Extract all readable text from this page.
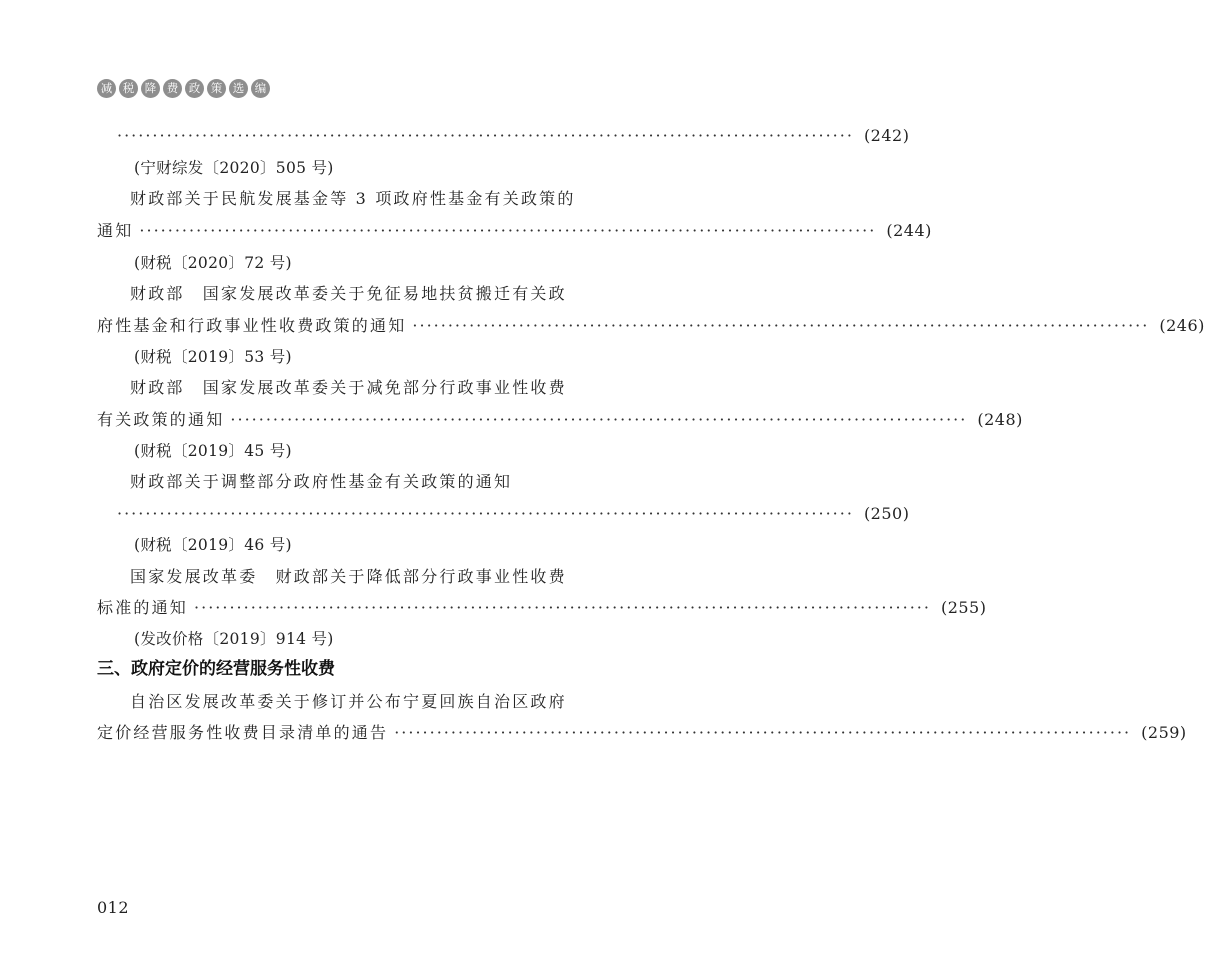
减 税 降 费 政 策 选 编
········································································································ (242)
(宁财综发〔2020〕505 号)
财政部关于民航发展基金等 3 项政府性基金有关政策的
通知 ········································································································ (244)
(财税〔2020〕72 号)
财政部　国家发展改革委关于免征易地扶贫搬迁有关政
府性基金和行政事业性收费政策的通知 ········································································································ (246)
(财税〔2019〕53 号)
财政部　国家发展改革委关于减免部分行政事业性收费
有关政策的通知 ········································································································ (248)
(财税〔2019〕45 号)
财政部关于调整部分政府性基金有关政策的通知
········································································································ (250)
(财税〔2019〕46 号)
国家发展改革委　财政部关于降低部分行政事业性收费
标准的通知 ········································································································ (255)
(发改价格〔2019〕914 号)
三、政府定价的经营服务性收费
自治区发展改革委关于修订并公布宁夏回族自治区政府
定价经营服务性收费目录清单的通告 ········································································································ (259)
012
